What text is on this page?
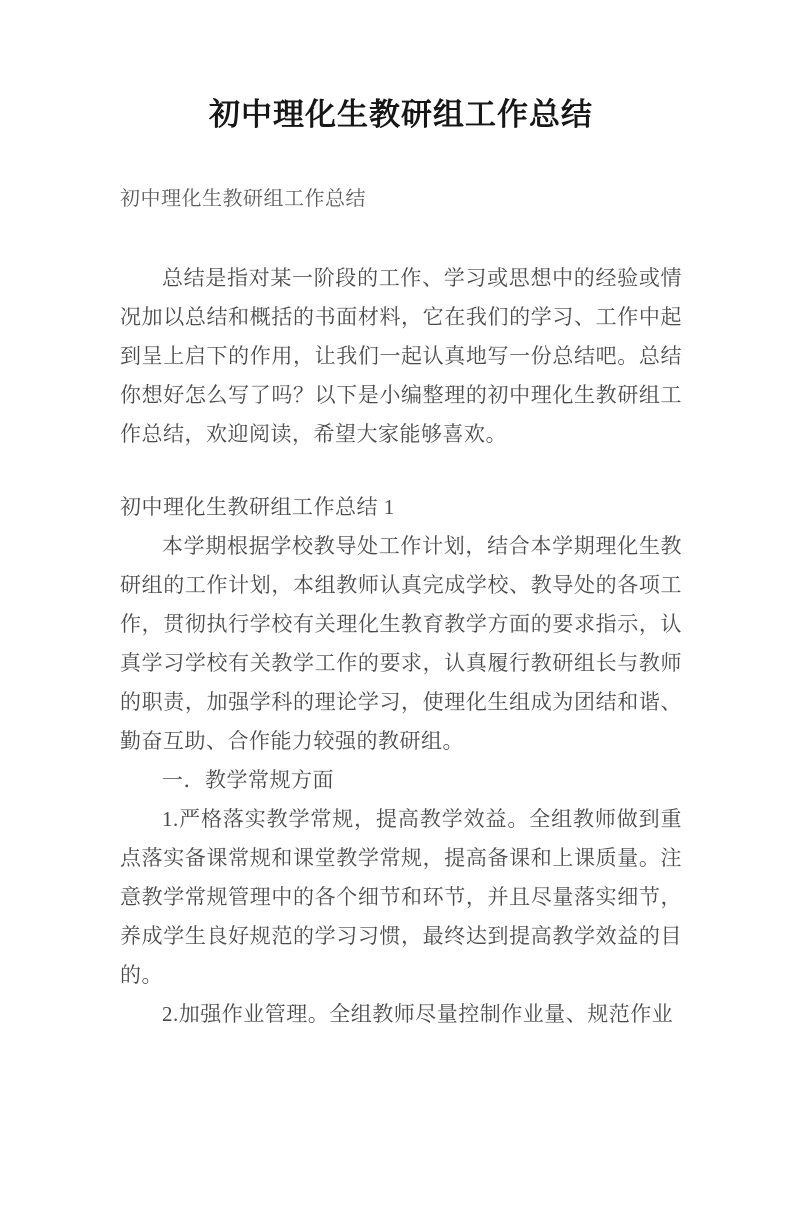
初中理化生教研组工作总结
初中理化生教研组工作总结

总结是指对某一阶段的工作、学习或思想中的经验或情况加以总结和概括的书面材料，它在我们的学习、工作中起到呈上启下的作用，让我们一起认真地写一份总结吧。总结你想好怎么写了吗？以下是小编整理的初中理化生教研组工作总结，欢迎阅读，希望大家能够喜欢。

初中理化生教研组工作总结 1

本学期根据学校教导处工作计划，结合本学期理化生教研组的工作计划，本组教师认真完成学校、教导处的各项工作，贯彻执行学校有关理化生教育教学方面的要求指示，认真学习学校有关教学工作的要求，认真履行教研组长与教师的职责，加强学科的理论学习，使理化生组成为团结和谐、勤奋互助、合作能力较强的教研组。

一．教学常规方面

1.严格落实教学常规，提高教学效益。全组教师做到重点落实备课常规和课堂教学常规，提高备课和上课质量。注意教学常规管理中的各个细节和环节，并且尽量落实细节，养成学生良好规范的学习习惯，最终达到提高教学效益的目的。

2.加强作业管理。全组教师尽量控制作业量、规范作业
